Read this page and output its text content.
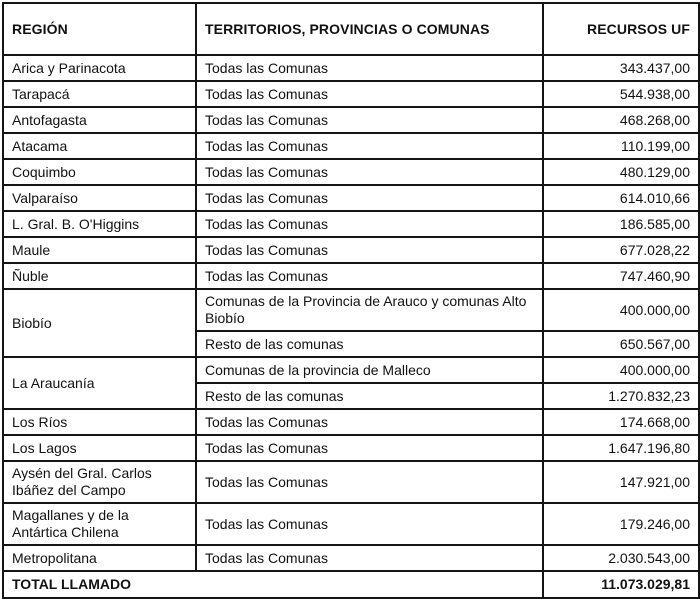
REGIÓN	TERRITORIOS, PROVINCIAS O COMUNAS	RECURSOS UF
Arica y Parinacota	Todas las Comunas	343.437,00
Tarapacá	Todas las Comunas	544.938,00
Antofagasta	Todas las Comunas	468.268,00
Atacama	Todas las Comunas	110.199,00
Coquimbo	Todas las Comunas	480.129,00
Valparaíso	Todas las Comunas	614.010,66
L. Gral. B. O'Higgins	Todas las Comunas	186.585,00
Maule	Todas las Comunas	677.028,22
Ñuble	Todas las Comunas	747.460,90
Biobío	Comunas de la Provincia de Arauco y comunas Alto Biobío	400.000,00
	Resto de las comunas	650.567,00
La Araucanía	Comunas de la provincia de Malleco	400.000,00
	Resto de las comunas	1.270.832,23
Los Ríos	Todas las Comunas	174.668,00
Los Lagos	Todas las Comunas	1.647.196,80
Aysén del Gral. Carlos Ibáñez del Campo	Todas las Comunas	147.921,00
Magallanes y de la Antártica Chilena	Todas las Comunas	179.246,00
Metropolitana	Todas las Comunas	2.030.543,00
TOTAL LLAMADO		11.073.029,81
